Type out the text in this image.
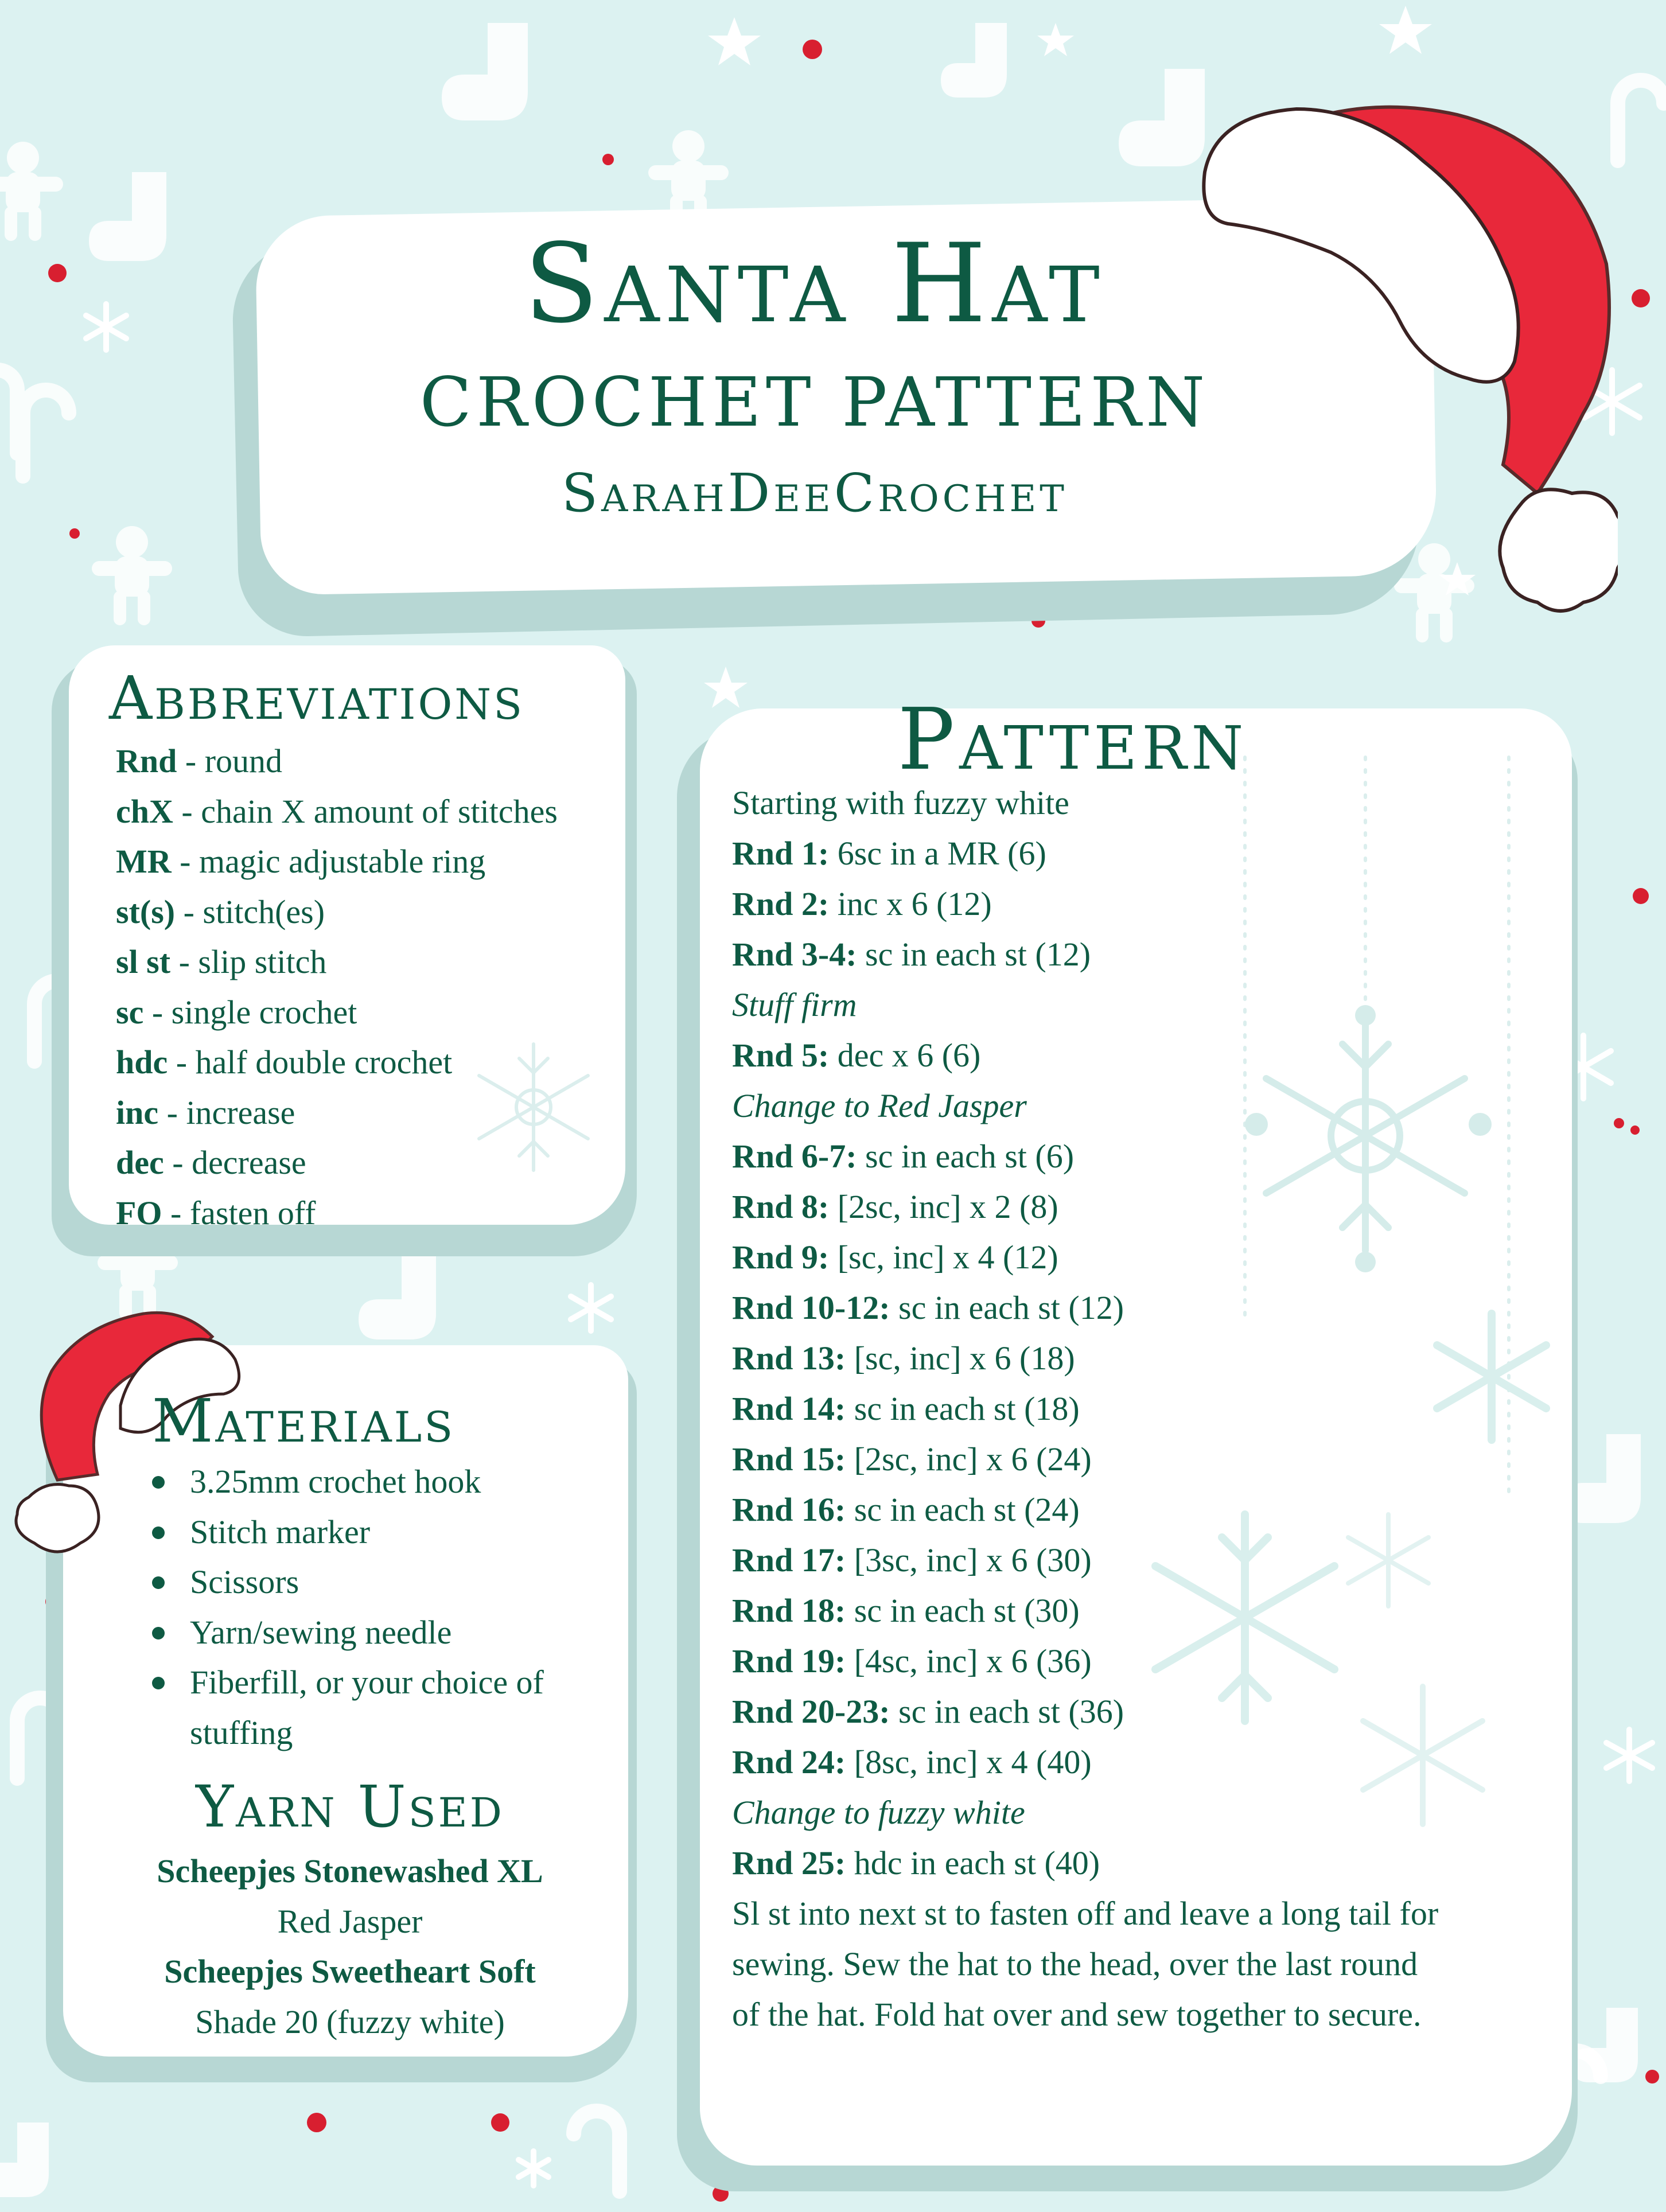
Santa Hat
CROCHET PATTERN
SarahDeeCrochet
Abbreviations
Rnd - round
chX - chain X amount of stitches
MR - magic adjustable ring
st(s) - stitch(es)
sl st - slip stitch
sc - single crochet
hdc - half double crochet
inc - increase
dec - decrease
FO - fasten off
Materials
3.25mm crochet hook
Stitch marker
Scissors
Yarn/sewing needle
Fiberfill, or your choice of stuffing
Yarn Used
Scheepjes Stonewashed XL
Red Jasper
Scheepjes Sweetheart Soft
Shade 20 (fuzzy white)
Pattern
Starting with fuzzy white
Rnd 1: 6sc in a MR (6)
Rnd 2: inc x 6 (12)
Rnd 3-4: sc in each st (12)
Stuff firm
Rnd 5: dec x 6 (6)
Change to Red Jasper
Rnd 6-7: sc in each st (6)
Rnd 8: [2sc, inc] x 2 (8)
Rnd 9: [sc, inc] x 4 (12)
Rnd 10-12: sc in each st (12)
Rnd 13: [sc, inc] x 6 (18)
Rnd 14: sc in each st (18)
Rnd 15: [2sc, inc] x 6 (24)
Rnd 16: sc in each st (24)
Rnd 17: [3sc, inc] x 6 (30)
Rnd 18: sc in each st (30)
Rnd 19: [4sc, inc] x 6 (36)
Rnd 20-23: sc in each st (36)
Rnd 24: [8sc, inc] x 4 (40)
Change to fuzzy white
Rnd 25: hdc in each st (40)
Sl st into next st to fasten off and leave a long tail for
sewing. Sew the hat to the head, over the last round
of the hat. Fold hat over and sew together to secure.
